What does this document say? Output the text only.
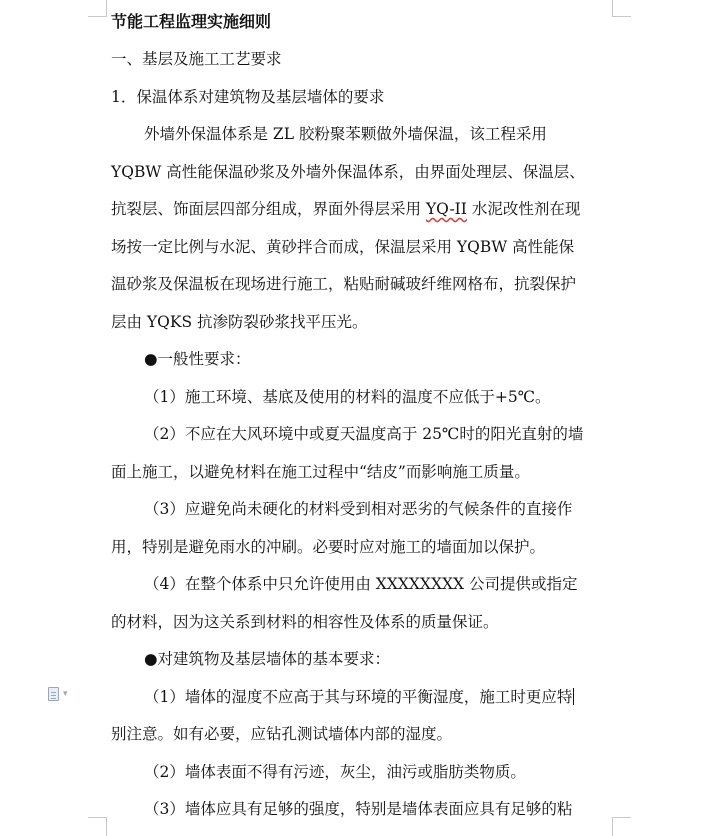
节能工程监理实施细则
一、基层及施工工艺要求
1．保温体系对建筑物及基层墙体的要求
外墙外保温体系是 ZL 胶粉聚苯颗做外墙保温，该工程采用
YQBW 高性能保温砂浆及外墙外保温体系，由界面处理层、保温层、
抗裂层、饰面层四部分组成，界面外得层采用 YQ-II 水泥改性剂在现
场按一定比例与水泥、黄砂拌合而成，保温层采用 YQBW 高性能保
温砂浆及保温板在现场进行施工，粘贴耐碱玻纤维网格布，抗裂保护
层由 YQKS 抗渗防裂砂浆找平压光。
●一般性要求：
（1）施工环境、基底及使用的材料的温度不应低于+5℃。
（2）不应在大风环境中或夏天温度高于 25℃时的阳光直射的墙
面上施工，以避免材料在施工过程中“结皮”而影响施工质量。
（3）应避免尚未硬化的材料受到相对恶劣的气候条件的直接作
用，特别是避免雨水的冲刷。必要时应对施工的墙面加以保护。
（4）在整个体系中只允许使用由 XXXXXXXX 公司提供或指定
的材料，因为这关系到材料的相容性及体系的质量保证。
●对建筑物及基层墙体的基本要求：
（1）墙体的湿度不应高于其与环境的平衡湿度，施工时更应特
别注意。如有必要，应钻孔测试墙体内部的湿度。
（2）墙体表面不得有污迹，灰尘，油污或脂肪类物质。
（3）墙体应具有足够的强度，特别是墙体表面应具有足够的粘
▾
